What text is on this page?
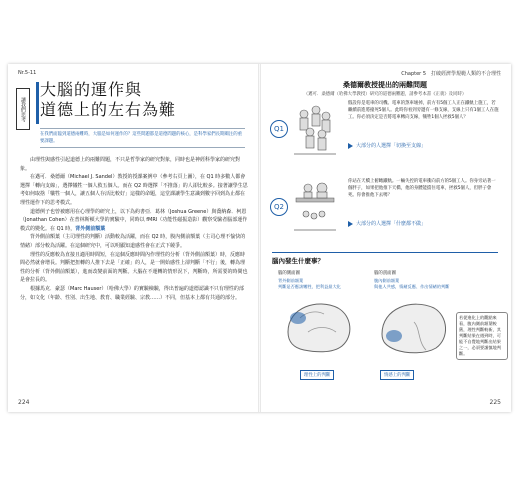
Nr.5-11
讓我們思考
大腦的運作與
道德上的左右為難
在我們面臨到道德兩難時，大腦是如何運作的？這些問題都是道德問題的核心，是科學家們長期關注的重要課題。

由理性與感性引起道德上的兩難問題，不只是哲學家的研究對象，同時也是神經科學家的研究對象。

在邁可．桑德爾（Michael J. Sandel）教授的授課案例中（參考右頁上圖），在 Q1 時多數人都會選擇「轉向支線」，選擇犧牲一個人救五個人。而在 Q2 時選擇「不推落」的人卻比較多。接著讓學生思考如何取捨「犧牲一個人，讓五個人存活比較好」這樣的命題，這堂課讓學生意識到數字回到為止都在理性運作下的思考模式。

道德例子也曾被應用在心理學的研究上，以下為約書亞．葛林（Joshua Greene）與喬納森．柯恩（Jonathan Cohen）在普林斯頓大學的實驗中，同時以 fMRI（功能性磁振造影）觀察受驗者腦部運作模式的變化。在 Q1 時，背外側前額葉

背外側前額葉（主司理性的判斷）活動較為活躍，而在 Q2 時，腹內側前額葉（主司心理不愉快的情緒）部分較為活躍。在這個研究中，可以明顯知道感性會在正式下競爭。

理性的反應較為直接且適用時間短，在這個反應時間內作理性的分析（背外側前額葉）時，反應時間必然就會增長。判斷把扭轉的人推下去是「正確」的人，是一開始感性上卻判斷「不行」後，轉為理性的分析（背外側前額葉），進而改變前面的判斷。大腦在不運轉的情形況下，判斷時，所需要的時間也是會拉長的。

根據馬克．豪瑟（Marc Hauser）（哈佛大學）的實驗檢驗，得出普遍的道德認識不只有理性的部分，如文化（年齡、性別、出生地、教育、職業經驗、宗教……）不同，但基本上都有共通的部分。

224
Chapter 5　打破經濟學規範人類的不合理性
桑德爾教授提出的兩難問題
（邁可．桑德爾（哈佛大學教授）研究的道德兩難題，請參考本書《正義》及同時）
Q1
假設你是電車的司機。電車的煞車壞掉，前方有5個工人正在鐵軌上施工，若繼續前進將撞死5個人。此時你看到旁邊有一條支線，支線上只有1個工人在施工。你必須決定是否將電車轉向支線，犧牲1個人拯救5個人？
大部分的人選擇「切換至支線」
Q2
你站在天橋上俯瞰鐵軌。一輛失控的電車衝向前方的5個工人。你身旁站著一個胖子，如果把他推下天橋，他的身體能擋住電車，拯救5個人，但胖子會死。你會推他下去嗎？
大部分的人選擇「什麼都不做」
腦內發生什麼事？
腦的側面圖
背外側前額葉
判斷是否應該犧牲，把利益最大化
腦的剖面圖
腹內側前額葉
與他人共感，情緒反應、作出情緒的判斷
若從進化上的觀點來看，腹內側前額葉較舊，理性判斷較新，其判斷結果在遇到時，可能不自覺地判斷出結果之一，必須要謹慎地判斷。
理性上的判斷	情感上的判斷
225
